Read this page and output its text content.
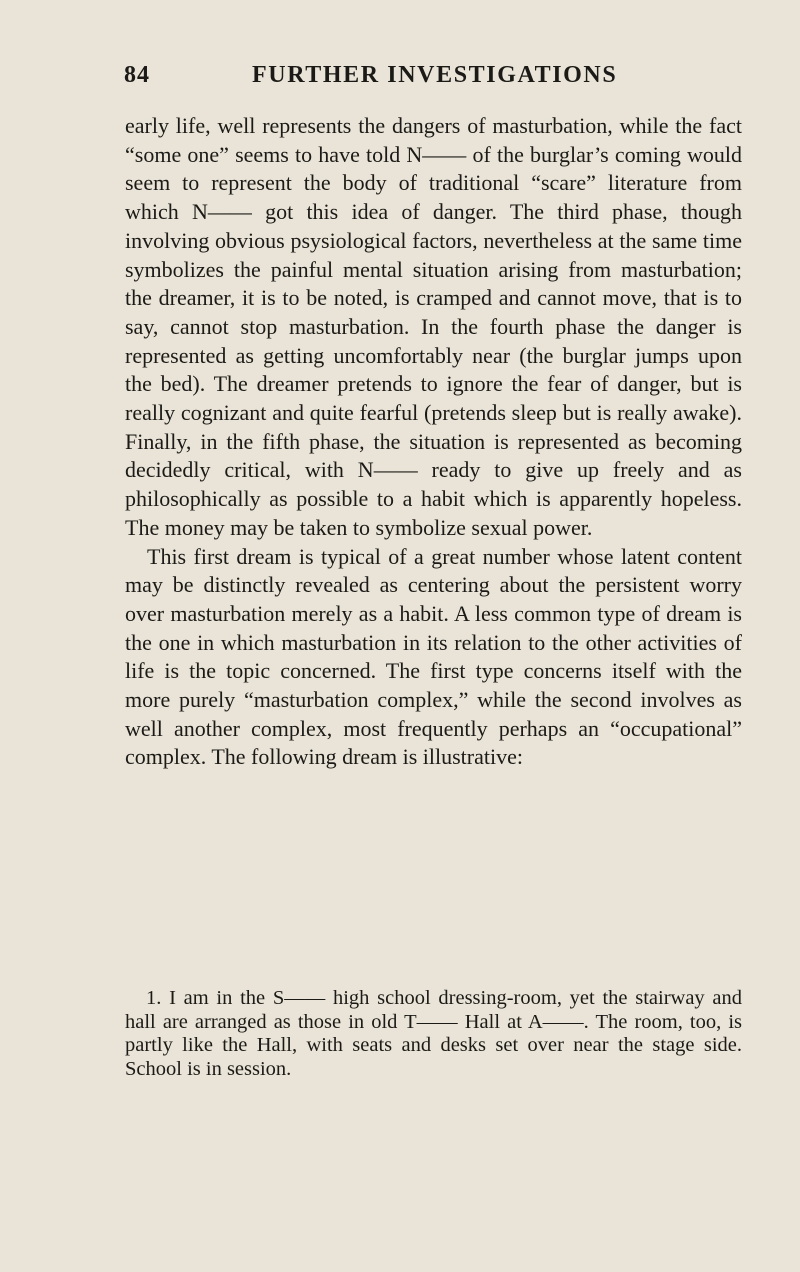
84	FURTHER INVESTIGATIONS

early life, well represents the dangers of masturbation, while the fact “some one” seems to have told N—— of the burglar’s coming would seem to represent the body of traditional “scare” literature from which N—— got this idea of danger. The third phase, though involving obvious psysiological factors, nevertheless at the same time symbolizes the painful mental situation arising from masturbation; the dreamer, it is to be noted, is cramped and cannot move, that is to say, cannot stop masturbation. In the fourth phase the danger is represented as getting uncomfortably near (the burglar jumps upon the bed). The dreamer pretends to ignore the fear of danger, but is really cognizant and quite fearful (pretends sleep but is really awake). Finally, in the fifth phase, the situation is represented as becoming decidedly critical, with N—— ready to give up freely and as philosophically as possible to a habit which is apparently hopeless. The money may be taken to symbolize sexual power.

This first dream is typical of a great number whose latent content may be distinctly revealed as centering about the persistent worry over masturbation merely as a habit. A less common type of dream is the one in which masturbation in its relation to the other activities of life is the topic concerned. The first type concerns itself with the more purely “masturbation complex,” while the second involves as well another complex, most frequently perhaps an “occupational” complex. The following dream is illustrative:

1. I am in the S—— high school dressing-room, yet the stairway and hall are arranged as those in old T—— Hall at A——. The room, too, is partly like the Hall, with seats and desks set over near the stage side. School is in session.
